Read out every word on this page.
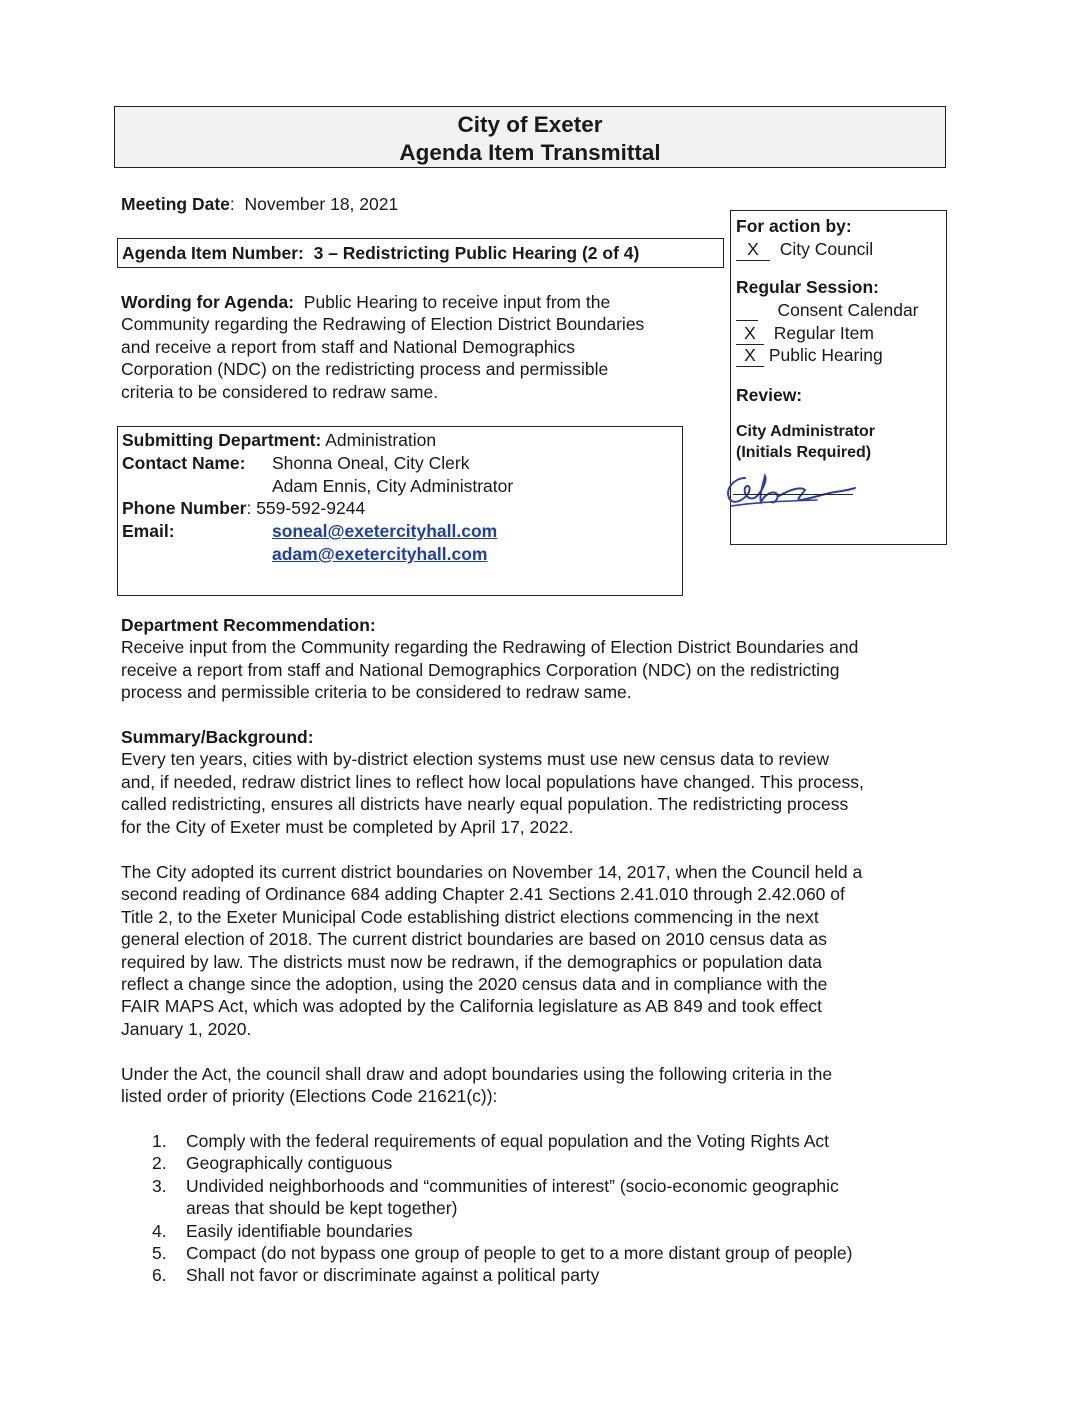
City of Exeter
Agenda Item Transmittal
Meeting Date:  November 18, 2021
Agenda Item Number:  3 – Redistricting Public Hearing (2 of 4)
Wording for Agenda: Public Hearing to receive input from the
Community regarding the Redrawing of Election District Boundaries
and receive a report from staff and National Demographics
Corporation (NDC) on the redistricting process and permissible
criteria to be considered to redraw same.
For action by:
X City Council
Regular Session:
Consent Calendar
X Regular Item
X Public Hearing
Review:
City Administrator
(Initials Required)
Submitting Department: Administration
Contact Name: Shonna Oneal, City Clerk
Adam Ennis, City Administrator
Phone Number: 559-592-9244
Email:	soneal@exetercityhall.com
adam@exetercityhall.com
Department Recommendation:
Receive input from the Community regarding the Redrawing of Election District Boundaries and
receive a report from staff and National Demographics Corporation (NDC) on the redistricting
process and permissible criteria to be considered to redraw same.
Summary/Background:
Every ten years, cities with by-district election systems must use new census data to review
and, if needed, redraw district lines to reflect how local populations have changed. This process,
called redistricting, ensures all districts have nearly equal population. The redistricting process
for the City of Exeter must be completed by April 17, 2022.
The City adopted its current district boundaries on November 14, 2017, when the Council held a
second reading of Ordinance 684 adding Chapter 2.41 Sections 2.41.010 through 2.42.060 of
Title 2, to the Exeter Municipal Code establishing district elections commencing in the next
general election of 2018. The current district boundaries are based on 2010 census data as
required by law. The districts must now be redrawn, if the demographics or population data
reflect a change since the adoption, using the 2020 census data and in compliance with the
FAIR MAPS Act, which was adopted by the California legislature as AB 849 and took effect
January 1, 2020.
Under the Act, the council shall draw and adopt boundaries using the following criteria in the
listed order of priority (Elections Code 21621(c)):
1. Comply with the federal requirements of equal population and the Voting Rights Act
2. Geographically contiguous
3. Undivided neighborhoods and “communities of interest” (socio-economic geographic
areas that should be kept together)
4. Easily identifiable boundaries
5. Compact (do not bypass one group of people to get to a more distant group of people)
6. Shall not favor or discriminate against a political party
